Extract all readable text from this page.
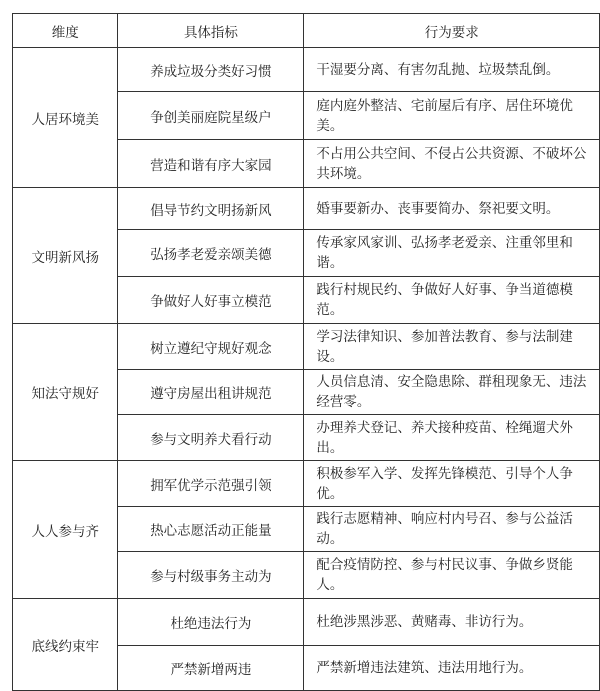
维度	具体指标	行为要求
人居环境美	养成垃圾分类好习惯	干湿要分离、有害勿乱抛、垃圾禁乱倒。
	争创美丽庭院星级户	庭内庭外整洁、宅前屋后有序、居住环境优美。
	营造和谐有序大家园	不占用公共空间、不侵占公共资源、不破坏公共环境。
文明新风扬	倡导节约文明扬新风	婚事要新办、丧事要简办、祭祀要文明。
	弘扬孝老爱亲颂美德	传承家风家训、弘扬孝老爱亲、注重邻里和谐。
	争做好人好事立模范	践行村规民约、争做好人好事、争当道德模范。
知法守规好	树立遵纪守规好观念	学习法律知识、参加普法教育、参与法制建设。
	遵守房屋出租讲规范	人员信息清、安全隐患除、群租现象无、违法经营零。
	参与文明养犬看行动	办理养犬登记、养犬接种疫苗、栓绳遛犬外出。
人人参与齐	拥军优学示范强引领	积极参军入学、发挥先锋模范、引导个人争优。
	热心志愿活动正能量	践行志愿精神、响应村内号召、参与公益活动。
	参与村级事务主动为	配合疫情防控、参与村民议事、争做乡贤能人。
底线约束牢	杜绝违法行为	杜绝涉黑涉恶、黄赌毒、非访行为。
	严禁新增两违	严禁新增违法建筑、违法用地行为。
